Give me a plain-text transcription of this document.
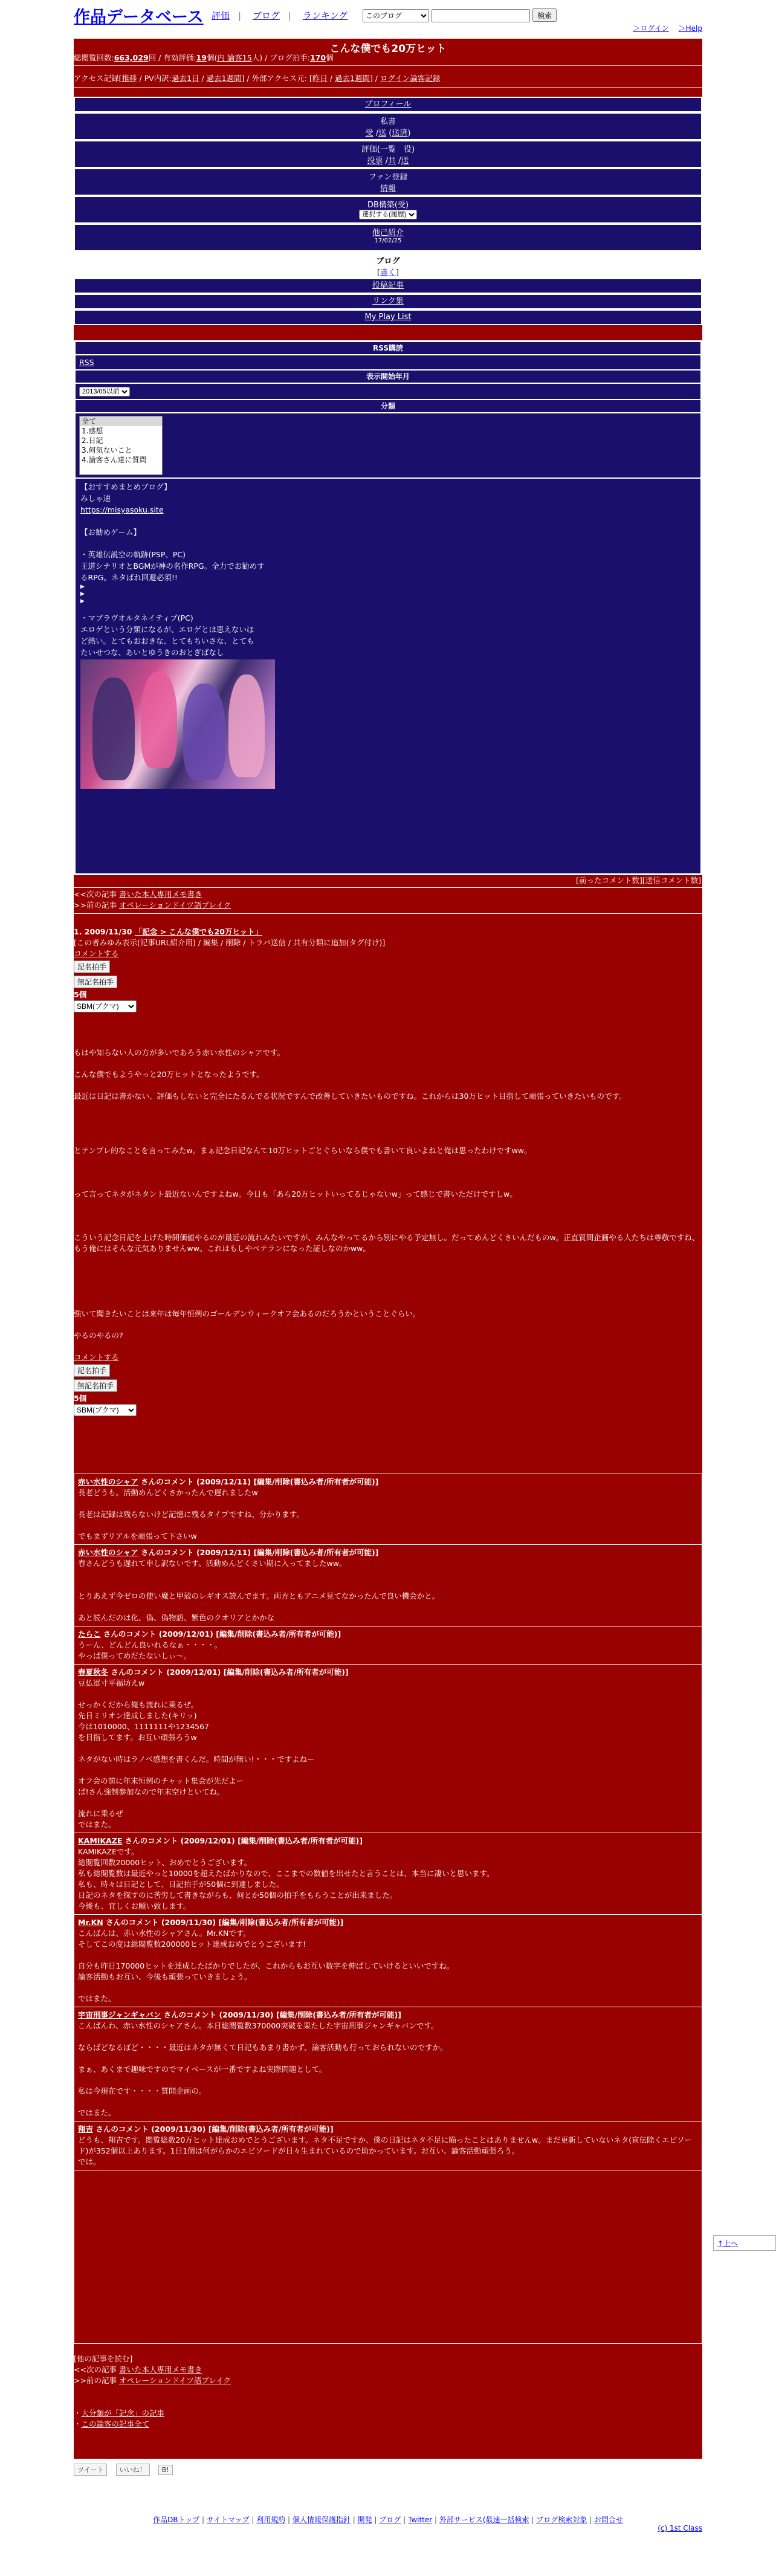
作品データベース 評価 | ブログ | ランキング
このブログ	検索
＞ログイン ＞Help
こんな僕でも20万ヒット
総閲覧回数:663,029回 / 有効評価:19個(内 論客15人) / ブログ拍手:170個
アクセス記録[推移 / PV内訳:過去1日 / 過去1週間] / 外部アクセス元: [昨日 / 過去1週間] / ログイン論客記録
プロフィール
私書
受 /送 (送済)
評価(一覧　役)
投票 /共 /送
ファン登録
情報
DB構築(受)
選択する(履歴)
他己紹介
17/02/25
ブログ
[書く]
投稿記事
リンク集
My Play List
RSS購読
RSS
表示開始年月
2013/05以前
分類
全て
1.感想
2.日記
3.何気ないこと
4.論客さん達に質問
【おすすめまとめブログ】
みしゃ速
https://misyasoku.site
【お勧めゲーム】
・英雄伝説空の軌跡(PSP、PC)
王道シナリオとBGMが神の名作RPG。全力でお勧めす
るRPG。ネタばれ回避必須!!
▶
▶
▶
・マブラヴオルタネイティブ(PC)
エロゲという分類になるが、エロゲとは思えないほ
ど熱い。とてもおおきな、とてもちいさな、とても
たいせつな、あいとゆうきのおとぎばなし
[前ったコメント数][送信コメント数]
<<次の記事 書いた本人専用メモ書き
>>前の記事 オペレーションドイツ語ブレイク
1. 2009/11/30 「記念 > こんな僕でも20万ヒット」
[この者みゆみ表示(記事URL紹介用) / 編集 / 削除 / トラバ送信 / 共有分類に追加(タグ付け)]
コメントする
記名拍手
無記名拍手
5個
SBM(ブクマ)
もはや知らない人の方が多いであろう赤い水性のシャアです。
こんな僕でもようやっと20万ヒットとなったようです。
最近は日記は書かない、評価もしないと完全にたるんでる状況ですんで改善していきたいものですね。これからは30万ヒット目指して頑張っていきたいものです。
とテンプレ的なことを言ってみたw。まぁ記念日記なんて10万ヒットごとぐらいなら僕でも書いて良いよねと俺は思ったわけですww。
って言ってネタがネタント最近ないんですよねw。今日も「あら20万ヒットいってるじゃないw」って感じで書いただけですしw。
こういう記念日記を上げた時間価値やるのが最近の流れみたいですが、みんなやってるから別にやる予定無し。だってめんどくさいんだものw。正直質問企画やる人たちは尊敬ですね、もう俺にはそんな元気ありませんww。これはもしやベテランになった証しなのかww。
強いて聞きたいことは来年は毎年恒例のゴールデンウィークオフ会あるのだろうかということぐらい。
やるのやるの?
コメントする
記名拍手
無記名拍手
5個
SBM(ブクマ)
赤い水性のシャア さんのコメント (2009/12/11) [編集/削除(書込み者/所有者が可能)]
長老どうも。活動めんどくさかったんで遅れましたw
長老は記録は残らないけど記憶に残るタイプですね、分かります。
でもまずリアルを頑張って下さいw
赤い水性のシャア さんのコメント (2009/12/11) [編集/削除(書込み者/所有者が可能)]
春さんどうも遅れて申し訳ないです。活動めんどくさい期に入ってましたww。
とりあえず今ゼロの使い魔と甲殻のレギオス読んでます。両方ともアニメ見てなかったんで良い機会かと。
あと読んだのは化、偽、偽物語、紫色のクオリアとかかな
たらこ さんのコメント (2009/12/01) [編集/削除(書込み者/所有者が可能)]
うーん、どんどん良いれるなぁ・・・・。
やっぱ僕ってめだたないしぃ〜。
春夏秋冬 さんのコメント (2009/12/01) [編集/削除(書込み者/所有者が可能)]
豆仏軍寸平福坊えw
せっかくだから俺も流れに乗るぜ。
先日ミリオン達成しました(キリッ)
今は1010000、1111111や1234567
を目指してます。お互い頑張ろうw
ネタがない時はラノベ感想を書くんだ。時間が無い!・・・ですよねー
オフ会の前に年末恒例のチャット集会が先だよー
ば!さん強制参加なので年末空けといてね。
流れに乗るぜ
ではまた。
KAMIKAZE さんのコメント (2009/12/01) [編集/削除(書込み者/所有者が可能)]
KAMIKAZEです。
総閲覧回数20000ヒット、おめでとうございます。
私も総閲覧数は最近やっと10000を超えたばかりなので、ここまでの数値を出せたと言うことは、本当に凄いと思います。
私も、時々は日記として、日記拍手が50個に到達しました。
日記のネタを探すのに苦労して書きながらも、何とか50個の拍手をもらうことが出来ました。
今後も、宜しくお願い致します。
Mr.KN さんのコメント (2009/11/30) [編集/削除(書込み者/所有者が可能)]
こんばんは、赤い水性のシャアさん。Mr.KNです。
そしてこの度は総閲覧数200000ヒット達成おめでとうございます!
自分も昨日170000ヒットを達成したばかりでしたが、これからもお互い数字を伸ばしていけるといいですね。
論客活動もお互い、今後も頑張っていきましょう。
ではまた。
宇宙刑事ジャンギャバン さんのコメント (2009/11/30) [編集/削除(書込み者/所有者が可能)]
こんばんわ、赤い水性のシャアさん。本日総閲覧数370000突破を果たした宇宙刑事ジャンギャバンです。
ならばどなるぼど・・・・最近はネタが無くて日記もあまり書かず、論客活動も行っておられないのですか。
まぁ、あくまで趣味ですのでマイペースが一番ですよね実際問題として。
私は今現在です・・・・質問企画の。
ではまた。
翔吉 さんのコメント (2009/11/30) [編集/削除(書込み者/所有者が可能)]
どうも、翔吉です。閲覧総数20万ヒット達成おめでとうございます。ネタ不足ですか、僕の日記はネタ不足に陥ったことはありませんw。まだ更新していないネタ(宣伝除くエピソード)が352個以上あります。1日1個は何がらかのエピソードが日々生まれているので助かっています。お互い、論客活動頑張ろう。
では。
[他の記事を読む]
<<次の記事 書いた本人専用メモ書き
>>前の記事 オペレーションドイツ語ブレイク
・大分類が「記念」の記事
・この論客の記事全て
ツイート いいね！ B!
↑上へ
作品DBトップ | サイトマップ | 利用規約 | 個人情報保護指針 | 開発 | ブログ | Twitter | 外部サービス(最速一括検索 | ブログ検索対象 | お問合せ
(c) 1st Class
